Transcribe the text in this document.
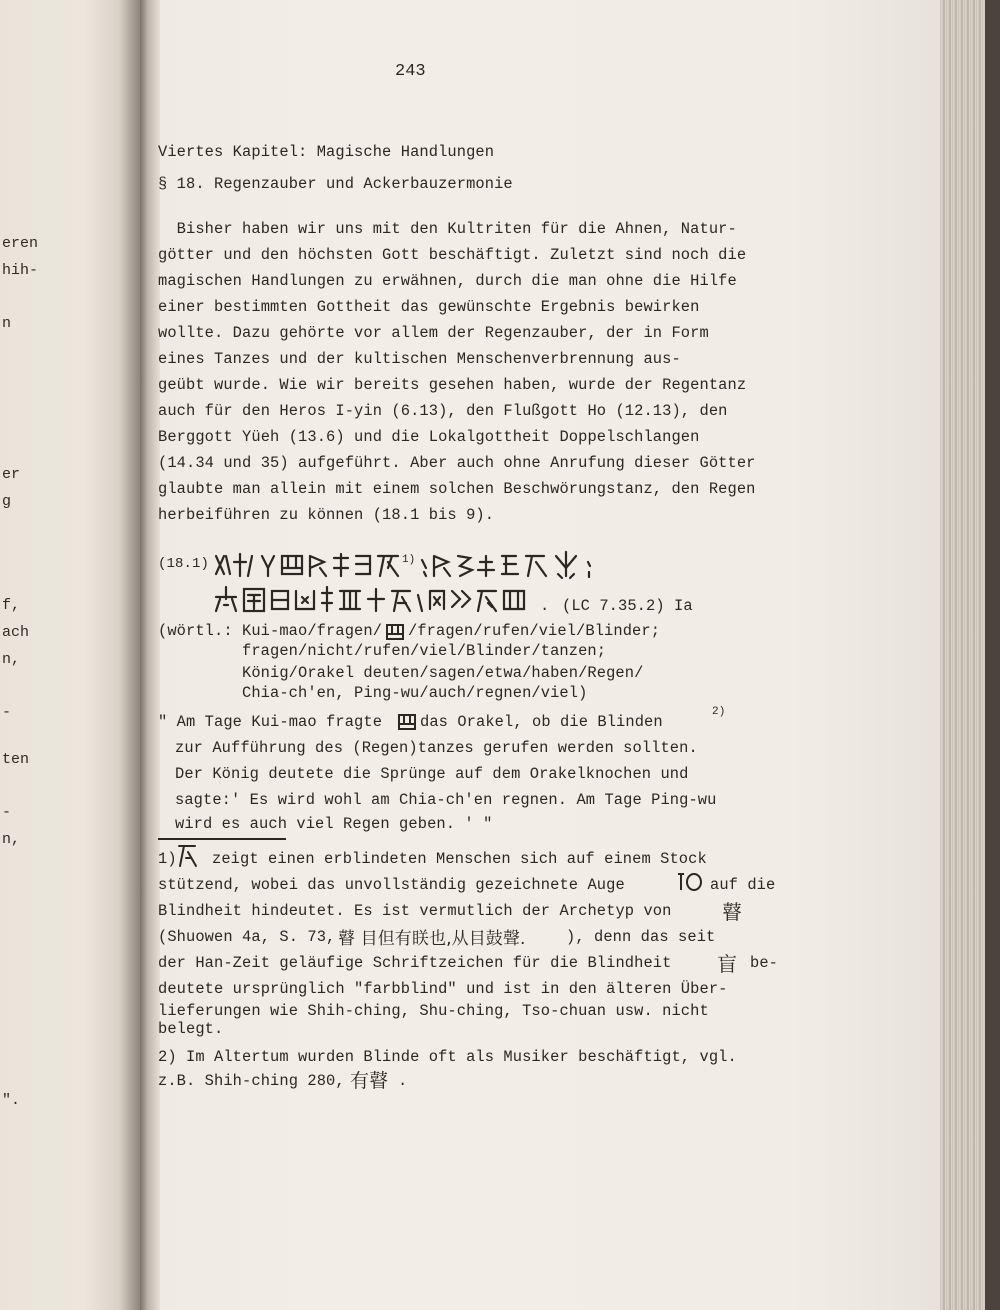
eren
hih-
n
er
g
f,
ach
n,
-
ten
-
n,
".
243
Viertes Kapitel: Magische Handlungen
§ 18. Regenzauber und Ackerbauzermonie
Bisher haben wir uns mit den Kultriten für die Ahnen, Natur-
götter und den höchsten Gott beschäftigt. Zuletzt sind noch die
magischen Handlungen zu erwähnen, durch die man ohne die Hilfe
einer bestimmten Gottheit das gewünschte Ergebnis bewirken
wollte. Dazu gehörte vor allem der Regenzauber, der in Form
eines Tanzes und der kultischen Menschenverbrennung aus-
geübt wurde. Wie wir bereits gesehen haben, wurde der Regentanz
auch für den Heros I-yin (6.13), den Flußgott Ho (12.13), den
Berggott Yüeh (13.6) und die Lokalgottheit Doppelschlangen
(14.34 und 35) aufgeführt. Aber auch ohne Anrufung dieser Götter
glaubte man allein mit einem solchen Beschwörungstanz, den Regen
herbeiführen zu können (18.1 bis 9).
(18.1)	1)
. (LC 7.35.2) Ia
(wörtl.: Kui-mao/fragen/ /fragen/rufen/viel/Blinder;
fragen/nicht/rufen/viel/Blinder/tanzen;
König/Orakel deuten/sagen/etwa/haben/Regen/
Chia-ch'en, Ping-wu/auch/regnen/viel)
" Am Tage Kui-mao fragte das Orakel, ob die Blinden
2)
zur Aufführung des (Regen)tanzes gerufen werden sollten.
Der König deutete die Sprünge auf dem Orakelknochen und
sagte:' Es wird wohl am Chia-ch'en regnen. Am Tage Ping-wu
wird es auch viel Regen geben. ' "
1) zeigt einen erblindeten Menschen sich auf einem Stock
stützend, wobei das unvollständig gezeichnete Auge	auf die
Blindheit hindeutet. Es ist vermutlich der Archetyp von	瞽
(Shuowen 4a, S. 73, 瞽 目但有眹也,从目鼓聲.	), denn das seit
der Han-Zeit geläufige Schriftzeichen für die Blindheit 盲 be-
deutete ursprünglich "farbblind" und ist in den älteren Über-
lieferungen wie Shih-ching, Shu-ching, Tso-chuan usw. nicht
belegt.
2) Im Altertum wurden Blinde oft als Musiker beschäftigt, vgl.
z.B. Shih-ching 280, 有瞽 .
